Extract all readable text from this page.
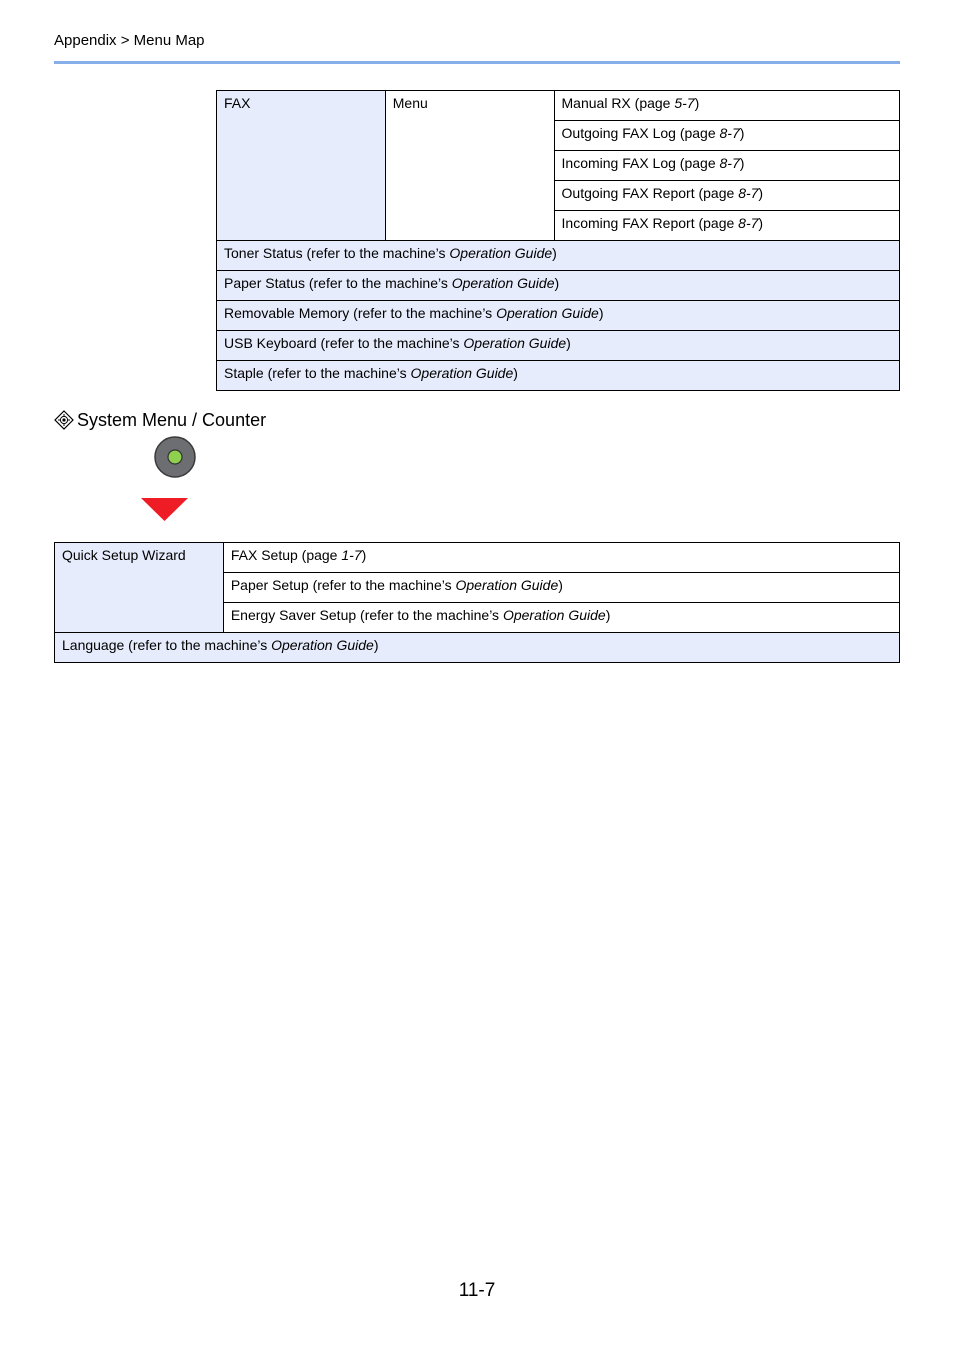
Appendix > Menu Map
FAX	Menu	Manual RX (page 5-7)
Outgoing FAX Log (page 8-7)
Incoming FAX Log (page 8-7)
Outgoing FAX Report (page 8-7)
Incoming FAX Report (page 8-7)
Toner Status (refer to the machine’s Operation Guide)
Paper Status (refer to the machine’s Operation Guide)
Removable Memory (refer to the machine’s Operation Guide)
USB Keyboard (refer to the machine’s Operation Guide)
Staple (refer to the machine’s Operation Guide)
System Menu / Counter
Quick Setup Wizard	FAX Setup (page 1-7)
Paper Setup (refer to the machine’s Operation Guide)
Energy Saver Setup (refer to the machine’s Operation Guide)
Language (refer to the machine’s Operation Guide)
11-7
